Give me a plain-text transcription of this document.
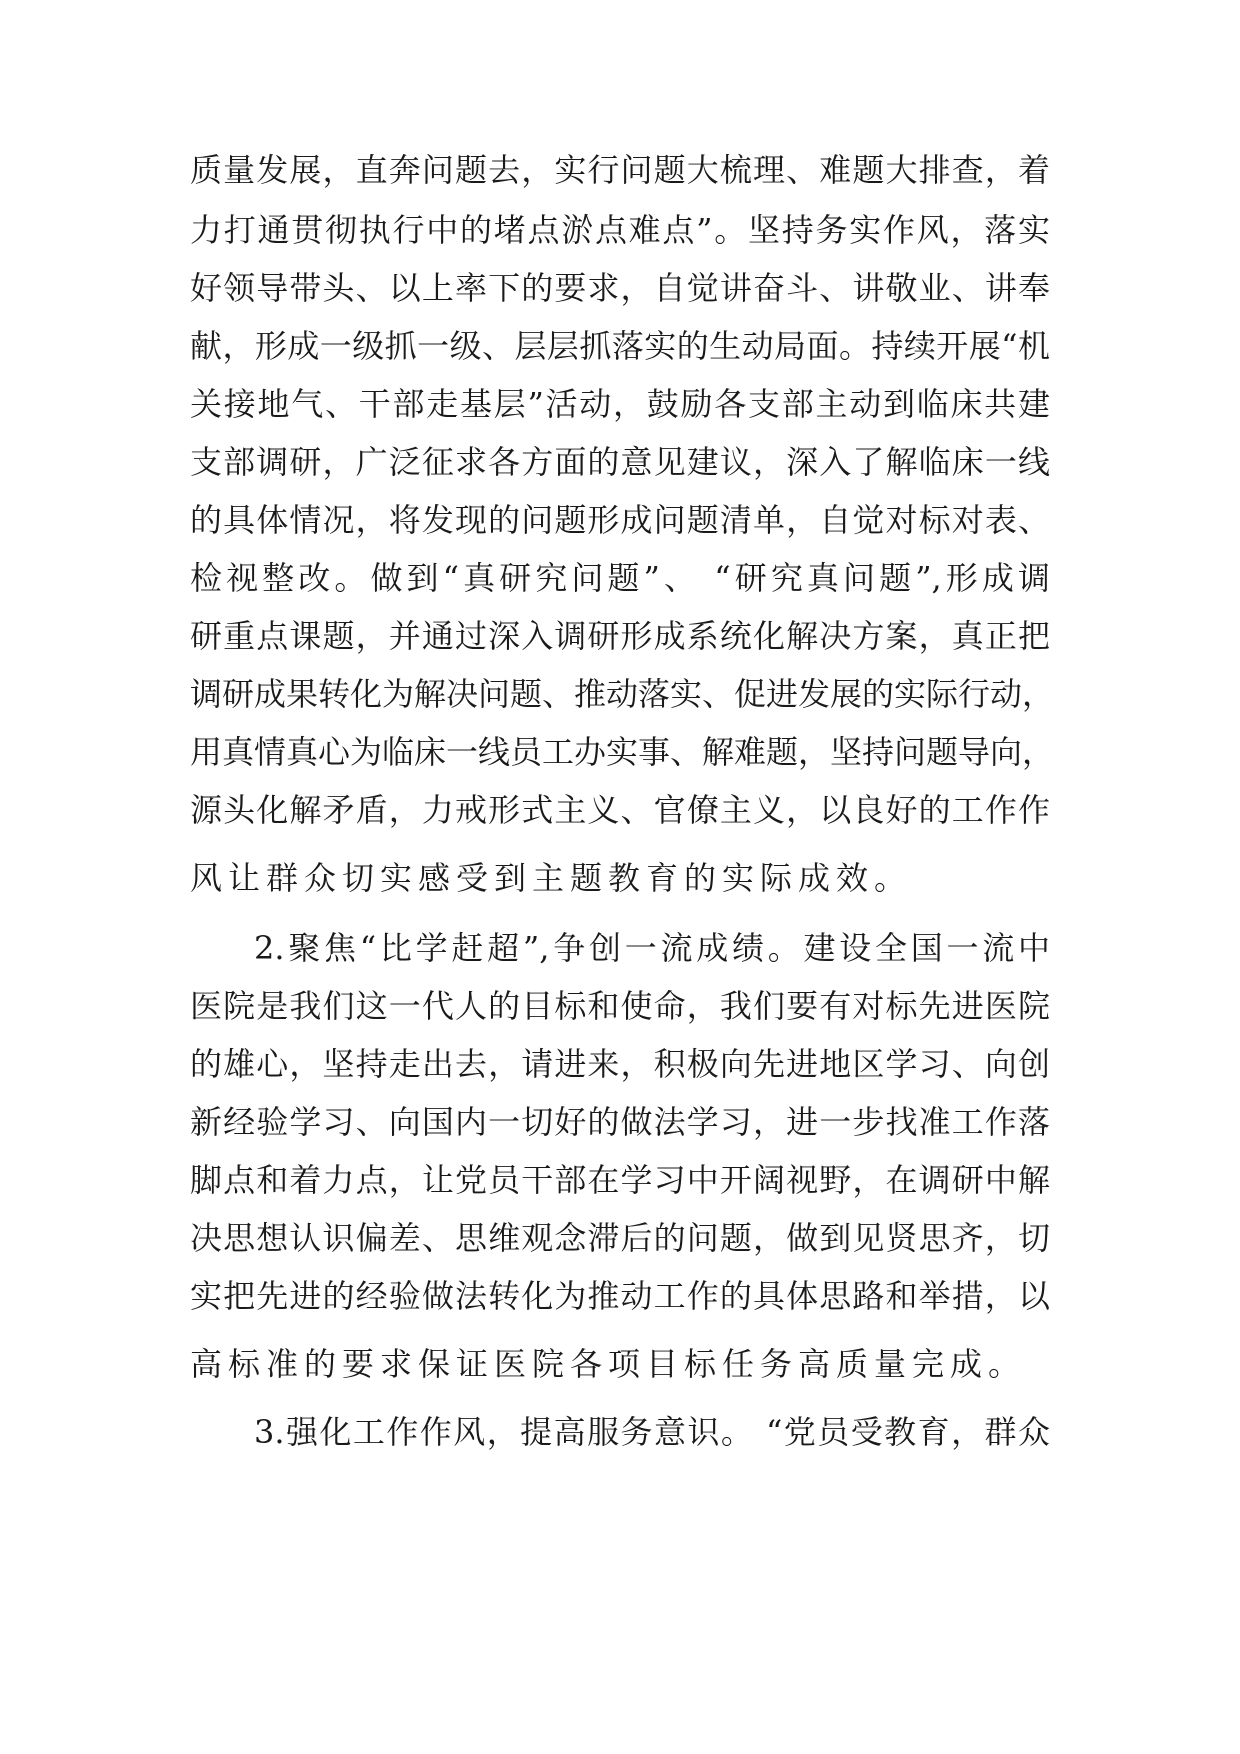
质量发展，直奔问题去，实行问题大梳理、难题大排查，着
力打通贯彻执行中的堵点淤点难点”。坚持务实作风，落实
好领导带头、以上率下的要求，自觉讲奋斗、讲敬业、讲奉
献，形成一级抓一级、层层抓落实的生动局面。持续开展“机
关接地气、干部走基层”活动，鼓励各支部主动到临床共建
支部调研，广泛征求各方面的意见建议，深入了解临床一线
的具体情况，将发现的问题形成问题清单，自觉对标对表、
检视整改。做到“真研究问题”、 “研究真问题”,形成调
研重点课题，并通过深入调研形成系统化解决方案，真正把
调研成果转化为解决问题、推动落实、促进发展的实际行动，
用真情真心为临床一线员工办实事、解难题，坚持问题导向，
源头化解矛盾，力戒形式主义、官僚主义，以良好的工作作
风让群众切实感受到主题教育的实际成效。
2.聚焦“比学赶超”,争创一流成绩。建设全国一流中
医院是我们这一代人的目标和使命，我们要有对标先进医院
的雄心，坚持走出去，请进来，积极向先进地区学习、向创
新经验学习、向国内一切好的做法学习，进一步找准工作落
脚点和着力点，让党员干部在学习中开阔视野，在调研中解
决思想认识偏差、思维观念滞后的问题，做到见贤思齐，切
实把先进的经验做法转化为推动工作的具体思路和举措，以
高标准的要求保证医院各项目标任务高质量完成。
3.强化工作作风，提高服务意识。 “党员受教育，群众
